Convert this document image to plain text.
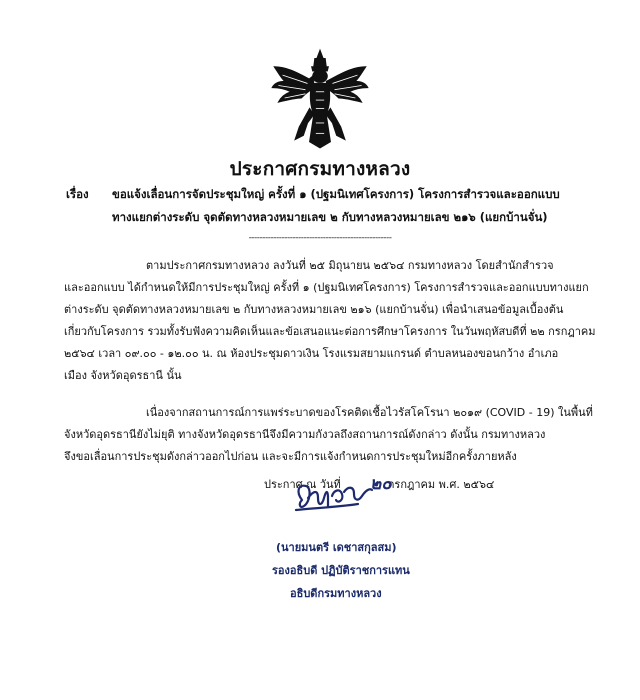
ประกาศกรมทางหลวง
เรื่อง ขอแจ้งเลื่อนการจัดประชุมใหญ่ ครั้งที่ ๑ (ปฐมนิเทศโครงการ) โครงการสำรวจและออกแบบ
ทางแยกต่างระดับ จุดตัดทางหลวงหมายเลข ๒ กับทางหลวงหมายเลข ๒๑๖ (แยกบ้านจั่น)
----------------------------------------------------
ตามประกาศกรมทางหลวง ลงวันที่ ๒๕ มิถุนายน ๒๕๖๔ กรมทางหลวง โดยสำนักสำรวจ
และออกแบบ ได้กำหนดให้มีการประชุมใหญ่ ครั้งที่ ๑ (ปฐมนิเทศโครงการ) โครงการสำรวจและออกแบบทางแยก
ต่างระดับ จุดตัดทางหลวงหมายเลข ๒ กับทางหลวงหมายเลข ๒๑๖ (แยกบ้านจั่น) เพื่อนำเสนอข้อมูลเบื้องต้น
เกี่ยวกับโครงการ รวมทั้งรับฟังความคิดเห็นและข้อเสนอแนะต่อการศึกษาโครงการ ในวันพฤหัสบดีที่ ๒๒ กรกฎาคม
๒๕๖๔ เวลา ๐๙.๐๐ - ๑๒.๐๐ น. ณ ห้องประชุมดาวเงิน โรงแรมสยามแกรนด์ ตำบลหนองขอนกว้าง อำเภอ
เมือง จังหวัดอุดรธานี นั้น
เนื่องจากสถานการณ์การแพร่ระบาดของโรคติดเชื้อไวรัสโคโรนา ๒๐๑๙ (COVID - 19) ในพื้นที่
จังหวัดอุดรธานียังไม่ยุติ ทางจังหวัดอุดรธานีจึงมีความกังวลถึงสถานการณ์ดังกล่าว ดังนั้น กรมทางหลวง
จึงขอเลื่อนการประชุมดังกล่าวออกไปก่อน และจะมีการแจ้งกำหนดการประชุมใหม่อีกครั้งภายหลัง
ประกาศ ณ วันที่	กรกฎาคม พ.ศ. ๒๕๖๔
๒๐
(นายมนตรี เดชาสกุลสม)
รองอธิบดี ปฏิบัติราชการแทน
อธิบดีกรมทางหลวง
